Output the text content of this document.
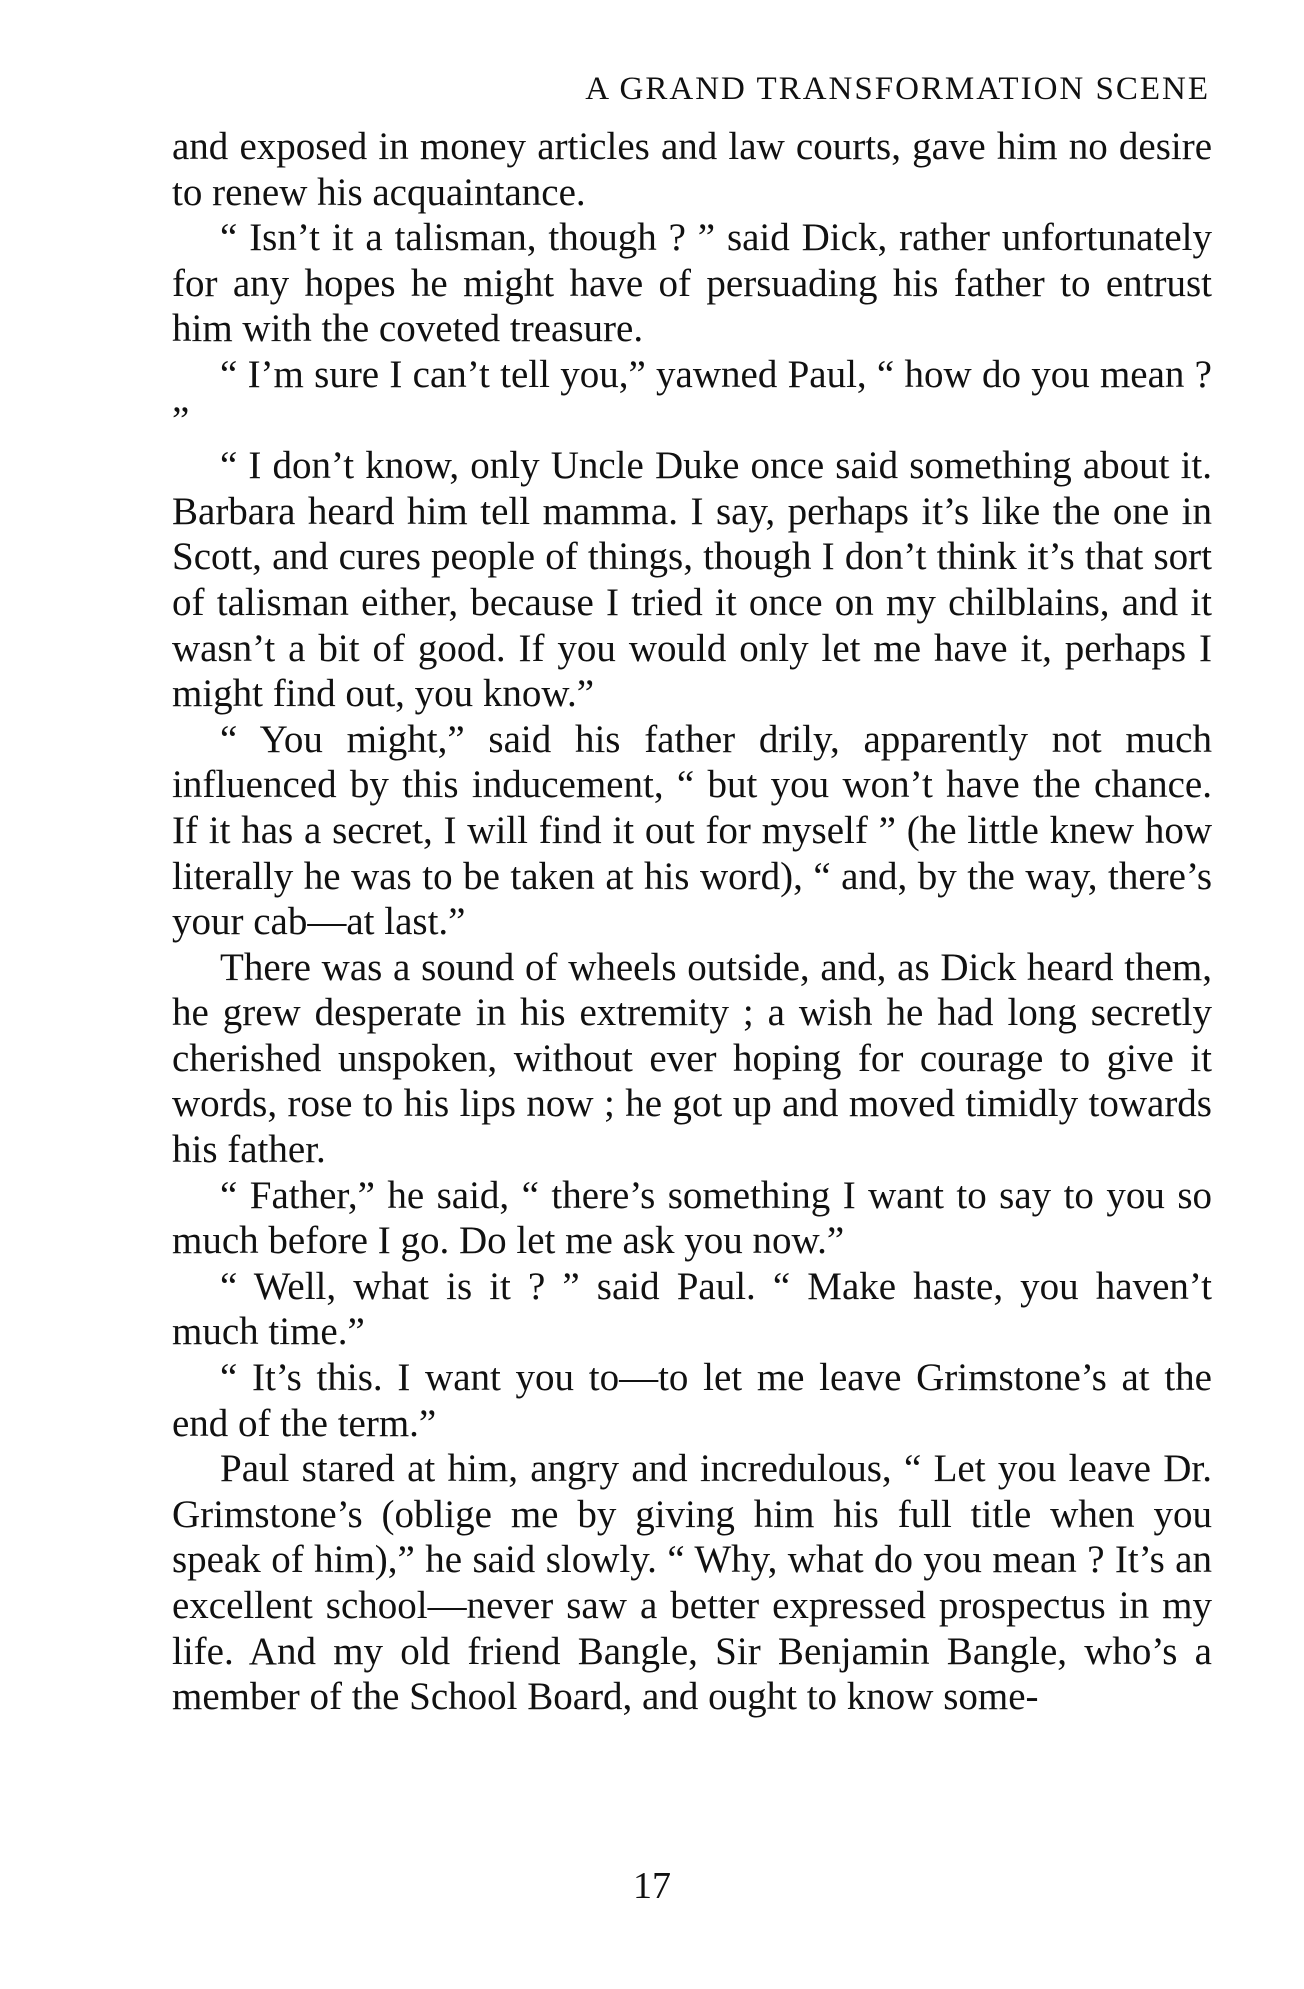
A GRAND TRANSFORMATION SCENE

and exposed in money articles and law courts, gave him no desire to renew his acquaintance.

“ Isn’t it a talisman, though ? ” said Dick, rather unfortunately for any hopes he might have of persuading his father to entrust him with the coveted treasure.

“ I’m sure I can’t tell you,” yawned Paul, “ how do you mean ? ”

“ I don’t know, only Uncle Duke once said something about it. Barbara heard him tell mamma. I say, perhaps it’s like the one in Scott, and cures people of things, though I don’t think it’s that sort of talisman either, because I tried it once on my chilblains, and it wasn’t a bit of good. If you would only let me have it, perhaps I might find out, you know.”

“ You might,” said his father drily, apparently not much influenced by this inducement, “ but you won’t have the chance. If it has a secret, I will find it out for myself ” (he little knew how literally he was to be taken at his word), “ and, by the way, there’s your cab—at last.”

There was a sound of wheels outside, and, as Dick heard them, he grew desperate in his extremity ; a wish he had long secretly cherished unspoken, without ever hoping for courage to give it words, rose to his lips now ; he got up and moved timidly towards his father.

“ Father,” he said, “ there’s something I want to say to you so much before I go. Do let me ask you now.”

“ Well, what is it ? ” said Paul. “ Make haste, you haven’t much time.”

“ It’s this. I want you to—to let me leave Grimstone’s at the end of the term.”

Paul stared at him, angry and incredulous, “ Let you leave Dr. Grimstone’s (oblige me by giving him his full title when you speak of him),” he said slowly. “ Why, what do you mean ? It’s an excellent school—never saw a better expressed prospectus in my life. And my old friend Bangle, Sir Benjamin Bangle, who’s a member of the School Board, and ought to know some-

17
